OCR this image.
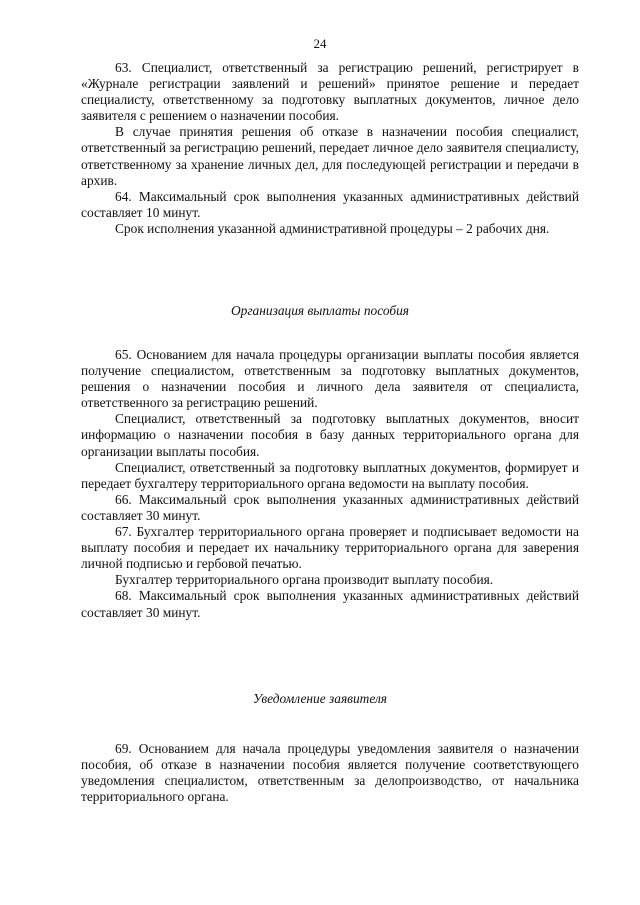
24

63. Специалист, ответственный за регистрацию решений, регистрирует в «Журнале регистрации заявлений и решений» принятое решение и передает специалисту, ответственному за подготовку выплатных документов, личное дело заявителя с решением о назначении пособия.

В случае принятия решения об отказе в назначении пособия специалист, ответственный за регистрацию решений, передает личное дело заявителя специалисту, ответственному за хранение личных дел, для последующей регистрации и передачи в архив.

64. Максимальный срок выполнения указанных административных действий составляет 10 минут.

Срок исполнения указанной административной процедуры – 2 рабочих дня.

Организация выплаты пособия

65. Основанием для начала процедуры организации выплаты пособия является получение специалистом, ответственным за подготовку выплатных документов, решения о назначении пособия и личного дела заявителя от специалиста, ответственного за регистрацию решений.

Специалист, ответственный за подготовку выплатных документов, вносит информацию о назначении пособия в базу данных территориального органа для организации выплаты пособия.

Специалист, ответственный за подготовку выплатных документов, формирует и передает бухгалтеру территориального органа ведомости на выплату пособия.

66. Максимальный срок выполнения указанных административных действий составляет 30 минут.

67. Бухгалтер территориального органа проверяет и подписывает ведомости на выплату пособия и передает их начальнику территориального органа для заверения личной подписью и гербовой печатью.

Бухгалтер территориального органа производит выплату пособия.

68. Максимальный срок выполнения указанных административных действий составляет 30 минут.

Уведомление заявителя

69. Основанием для начала процедуры уведомления заявителя о назначении пособия, об отказе в назначении пособия является получение соответствующего уведомления специалистом, ответственным за делопроизводство, от начальника территориального органа.
